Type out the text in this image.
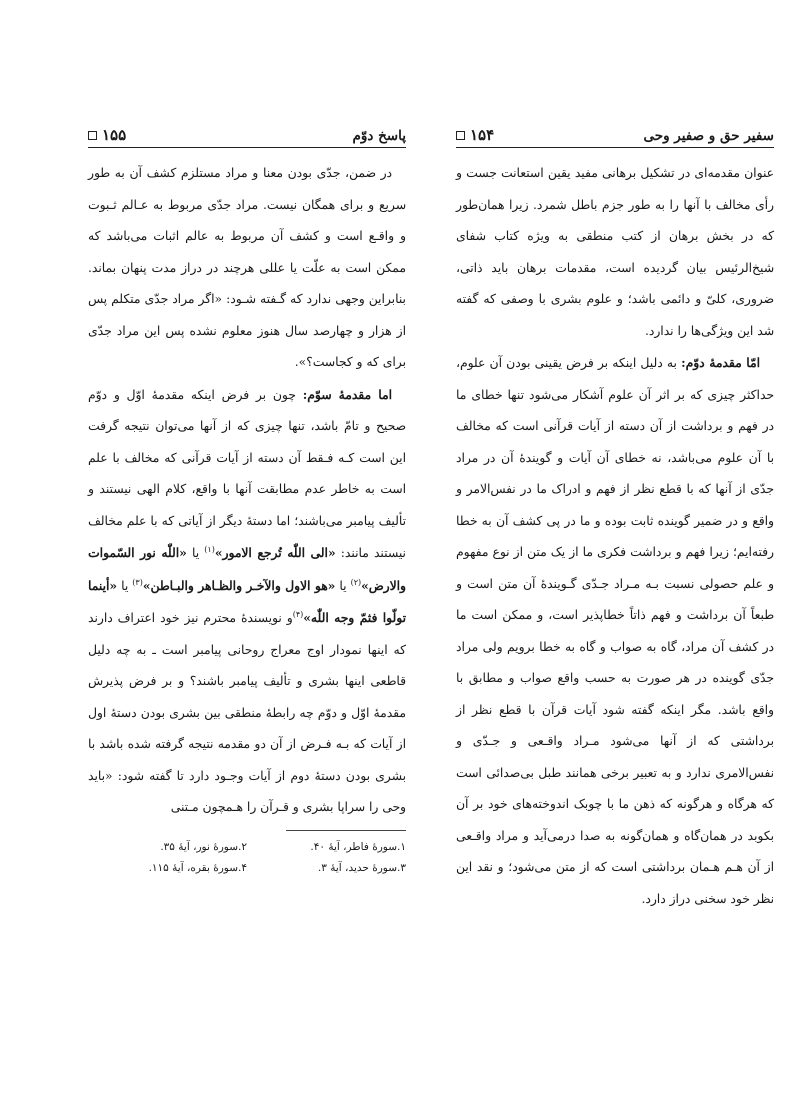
سفیر حق و صفیر وحی
۱۵۴

عنوان مقدمه‌ای در تشکیل برهانی مفید یقین استعانت جست و رأی مخالف با آنها را به طور جزم باطل شمرد. زیرا همان‌طور که در بخش برهان از کتب منطقی به ویژه کتاب شفای شیخ‌الرئیس بیان گردیده است، مقدمات برهان باید ذاتی، ضروری، کلیّ و دائمی باشد؛ و علوم بشری با وصفی که گفته شد این ویژگی‌ها را ندارد.

امّا مقدمهٔ دوّم: به دلیل اینکه بر فرض یقینی بودن آن علوم، حداکثر چیزی که بر اثر آن علوم آشکار می‌شود تنها خطای ما در فهم و برداشت از آن دسته از آیات قرآنی است که مخالف با آن علوم می‌باشد، نه خطای آن آیات و گویندهٔ آن در مراد جدّی از آنها که با قطع نظر از فهم و ادراک ما در نفس‌الامر و واقع و در ضمیر گوینده ثابت بوده و ما در پی کشف آن به خطا رفته‌ایم؛ زیرا فهم و برداشت فکری ما از یک متن از نوع مفهوم و علم حصولی نسبت بـه مـراد جـدّی گـویندهٔ آن متن است و طبعاً آن برداشت و فهم ذاتاً خطاپذیر است، و ممکن است ما در کشف آن مراد، گاه به صواب و گاه به خطا برویم ولی مراد جدّی گوینده در هر صورت به حسب واقع صواب و مطابق با واقع باشد. مگر اینکه گفته شود آیات قرآن با قطع نظر از برداشتی که از آنها می‌شود مـراد واقـعی و جـدّی و نفس‌الامری ندارد و به تعبیر برخی همانند طبل بی‌صدائی است که هرگاه و هرگونه که ذهن ما با چوبک اندوخته‌های خود بر آن بکوبد در همان‌گاه و همان‌گونه به صدا درمی‌آید و مراد واقـعی از آن هـم هـمان برداشتی است که از متن می‌شود؛ و نقد این نظر خود سخنی دراز دارد.

پاسخ دوّم
۱۵۵

در ضمن، جدّی بودن معنا و مراد مستلزم کشف آن به طور سریع و برای همگان نیست. مراد جدّی مربوط به عـالم ثـبوت و واقـع است و کشف آن مربوط به عالم اثبات می‌باشد که ممکن است به علّت یا عللی هرچند در دراز مدت پنهان بماند. بنابراین وجهی ندارد که گـفته شـود: «اگر مراد جدّی متکلم پس از هزار و چهارصد سال هنوز معلوم نشده پس این مراد جدّی برای که و کجاست؟».

اما مقدمهٔ سوّم: چون بر فرض اینکه مقدمهٔ اوّل و دوّم صحیح و تامّ باشد، تنها چیزی که از آنها می‌توان نتیجه گرفت این است کـه فـقط آن دسته از آیات قرآنی که مخالف با علم است به خاطر عدم مطابقت آنها با واقع، کلام الهی نیستند و تألیف پیامبر می‌باشند؛ اما دستهٔ دیگر از آیاتی که با علم مخالف نیستند مانند: «الی اللّٰه تُرجع الامور»$^{(۱)}$ یا «اللّٰه نور السّموات والارض»$^{(۲)}$ یا «هو الاول والآخـر والظـاهر والبـاطن»$^{(۳)}$ یا «أینما تولّوا فثمّ وجه اللّٰه»$^{(۴)}$و نویسندهٔ محترم نیز خود اعتراف دارند که اینها نمودار اوج معراج روحانی پیامبر است ـ به چه دلیل قاطعی اینها بشری و تألیف پیامبر باشند؟ و بر فرض پذیرش مقدمهٔ اوّل و دوّم چه رابطهٔ منطقی بین بشری بودن دستهٔ اول از آیات که بـه فـرض از آن دو مقدمه نتیجه گرفته شده باشد با بشری بودن دستهٔ دوم از آیات وجـود دارد تا گفته شود: «باید وحی را سراپا بشری و قـرآن را هـمچون مـتنی

۱.سورهٔ فاطر، آیهٔ ۴۰.
۲.سورهٔ نور، آیهٔ ۳۵.
۳.سورهٔ حدید، آیهٔ ۳.
۴.سورهٔ بقره، آیهٔ ۱۱۵.
